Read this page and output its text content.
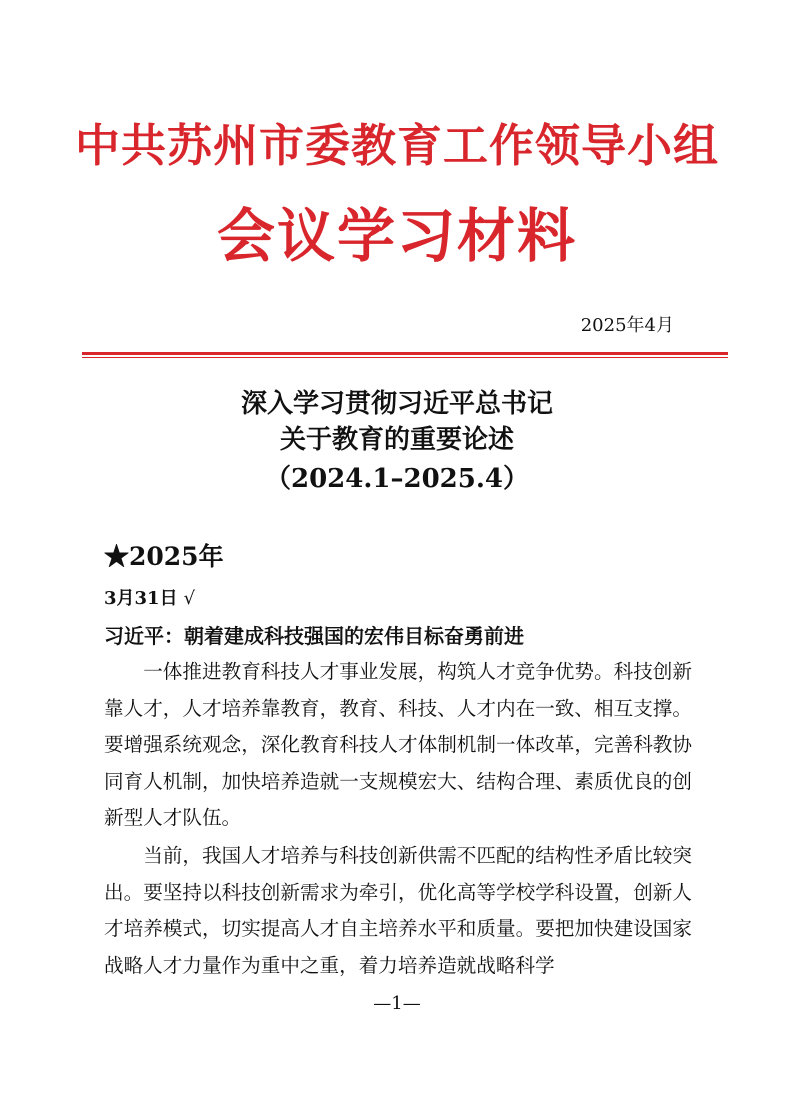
中共苏州市委教育工作领导小组
会议学习材料
2025年4月
深入学习贯彻习近平总书记
关于教育的重要论述
（2024.1–2025.4）
★2025年
3月31日 √
习近平：朝着建成科技强国的宏伟目标奋勇前进

一体推进教育科技人才事业发展，构筑人才竞争优势。科技创新靠人才，人才培养靠教育，教育、科技、人才内在一致、相互支撑。要增强系统观念，深化教育科技人才体制机制一体改革，完善科教协同育人机制，加快培养造就一支规模宏大、结构合理、素质优良的创新型人才队伍。

当前，我国人才培养与科技创新供需不匹配的结构性矛盾比较突出。要坚持以科技创新需求为牵引，优化高等学校学科设置，创新人才培养模式，切实提高人才自主培养水平和质量。要把加快建设国家战略人才力量作为重中之重，着力培养造就战略科学

—1—
